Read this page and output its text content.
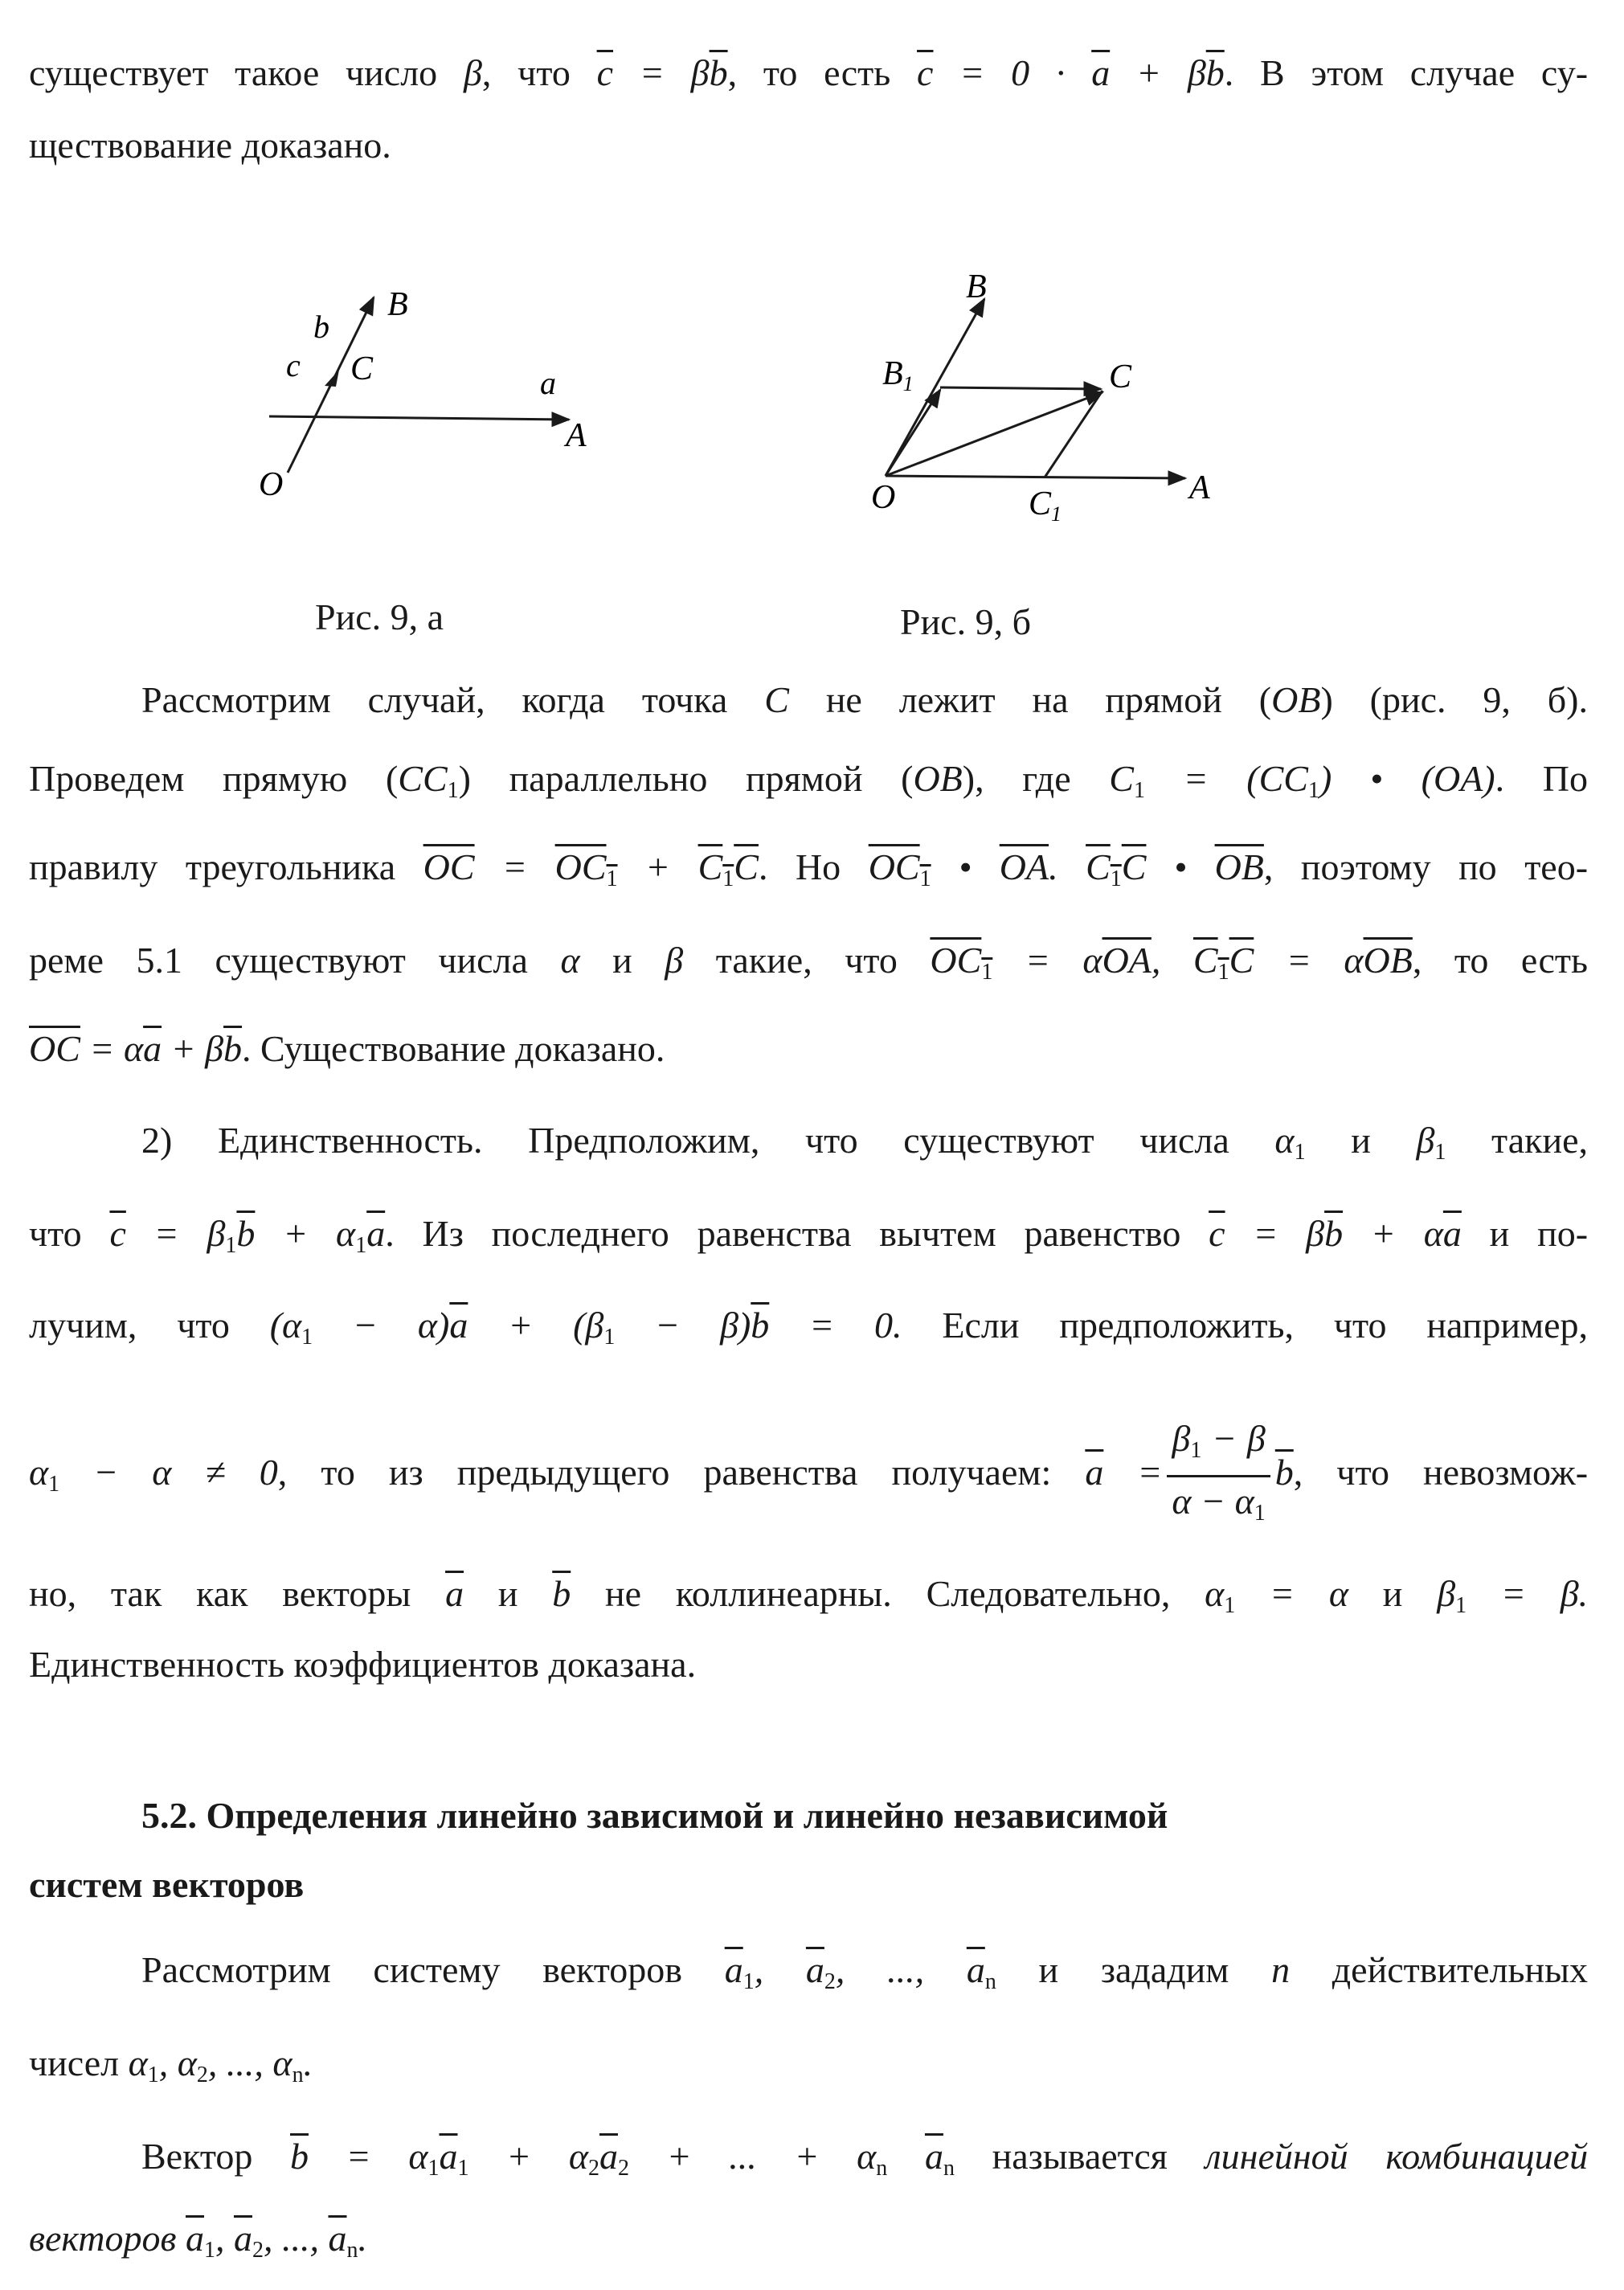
существует такое число β, что $\overline{c} = \beta\overline{b}$, то есть $\overline{c} = 0 \cdot \overline{a} + \beta\overline{b}$. В этом случае су-
ществование доказано.
B
b
c C	a
A
O
B
B1	C
O	C1
A
Рис. 9, а	Рис. 9, б
Рассмотрим случай, когда точка C не лежит на прямой (OB) (рис. 9, б).
Проведем прямую $(CC_1)$ параллельно прямой (OB), где $C_1 = (CC_1)$ • (OA). По
правилу треугольника $\overline{OC} = OC_1 + C_1C$. Но $OC_1$ • $\overline{OA}$. $C_1C$ • $\overline{OB}$, поэтому по тео-
реме 5.1 существуют числа α и β такие, что $OC_1 = \alpha\overline{OA}$, $C_1C = \alpha\overline{OB}$, то есть
$\overline{OC} = \alpha\overline{a} + \beta\overline{b}$. Существование доказано.
2) Единственность. Предположим, что существуют числа $\alpha_1$ и $\beta_1$ такие,
что $\overline{c} = \beta_1\overline{b} + \alpha_1\overline{a}$. Из последнего равенства вычтем равенство $\overline{c} = \beta\overline{b} + \alpha\overline{a}$ и по-
лучим, что $(\alpha_1 - \alpha)\overline{a} + (\beta_1 - \beta)\overline{b} = 0$. Если предположить, что например,
$\alpha_1 - \alpha \ne 0$, то из предыдущего равенства получаем: $\overline{a} = \frac{\beta_1 - \beta}{\alpha - \alpha_1} \overline{b}$, что невозмож-
но, так как векторы $\overline{a}$ и $\overline{b}$ не коллинеарны. Следовательно, $\alpha_1 = \alpha$ и $\beta_1 = \beta$.
Единственность коэффициентов доказана.
5.2. Определения линейно зависимой и линейно независимой
систем векторов
Рассмотрим систему векторов $\overline{a}_1$, $\overline{a}_2$, ..., $\overline{a}_n$ и зададим n действительных
чисел $\alpha_1$, $\alpha_2$, ..., $\alpha_n$.
Вектор $\overline{b} = \alpha_1\overline{a}_1 + \alpha_2\overline{a}_2$ + ... + $\alpha_n$ $\overline{a}_n$ называется линейной комбинацией
векторов $\overline{a}_1$, $\overline{a}_2$, ..., $\overline{a}_n$.
